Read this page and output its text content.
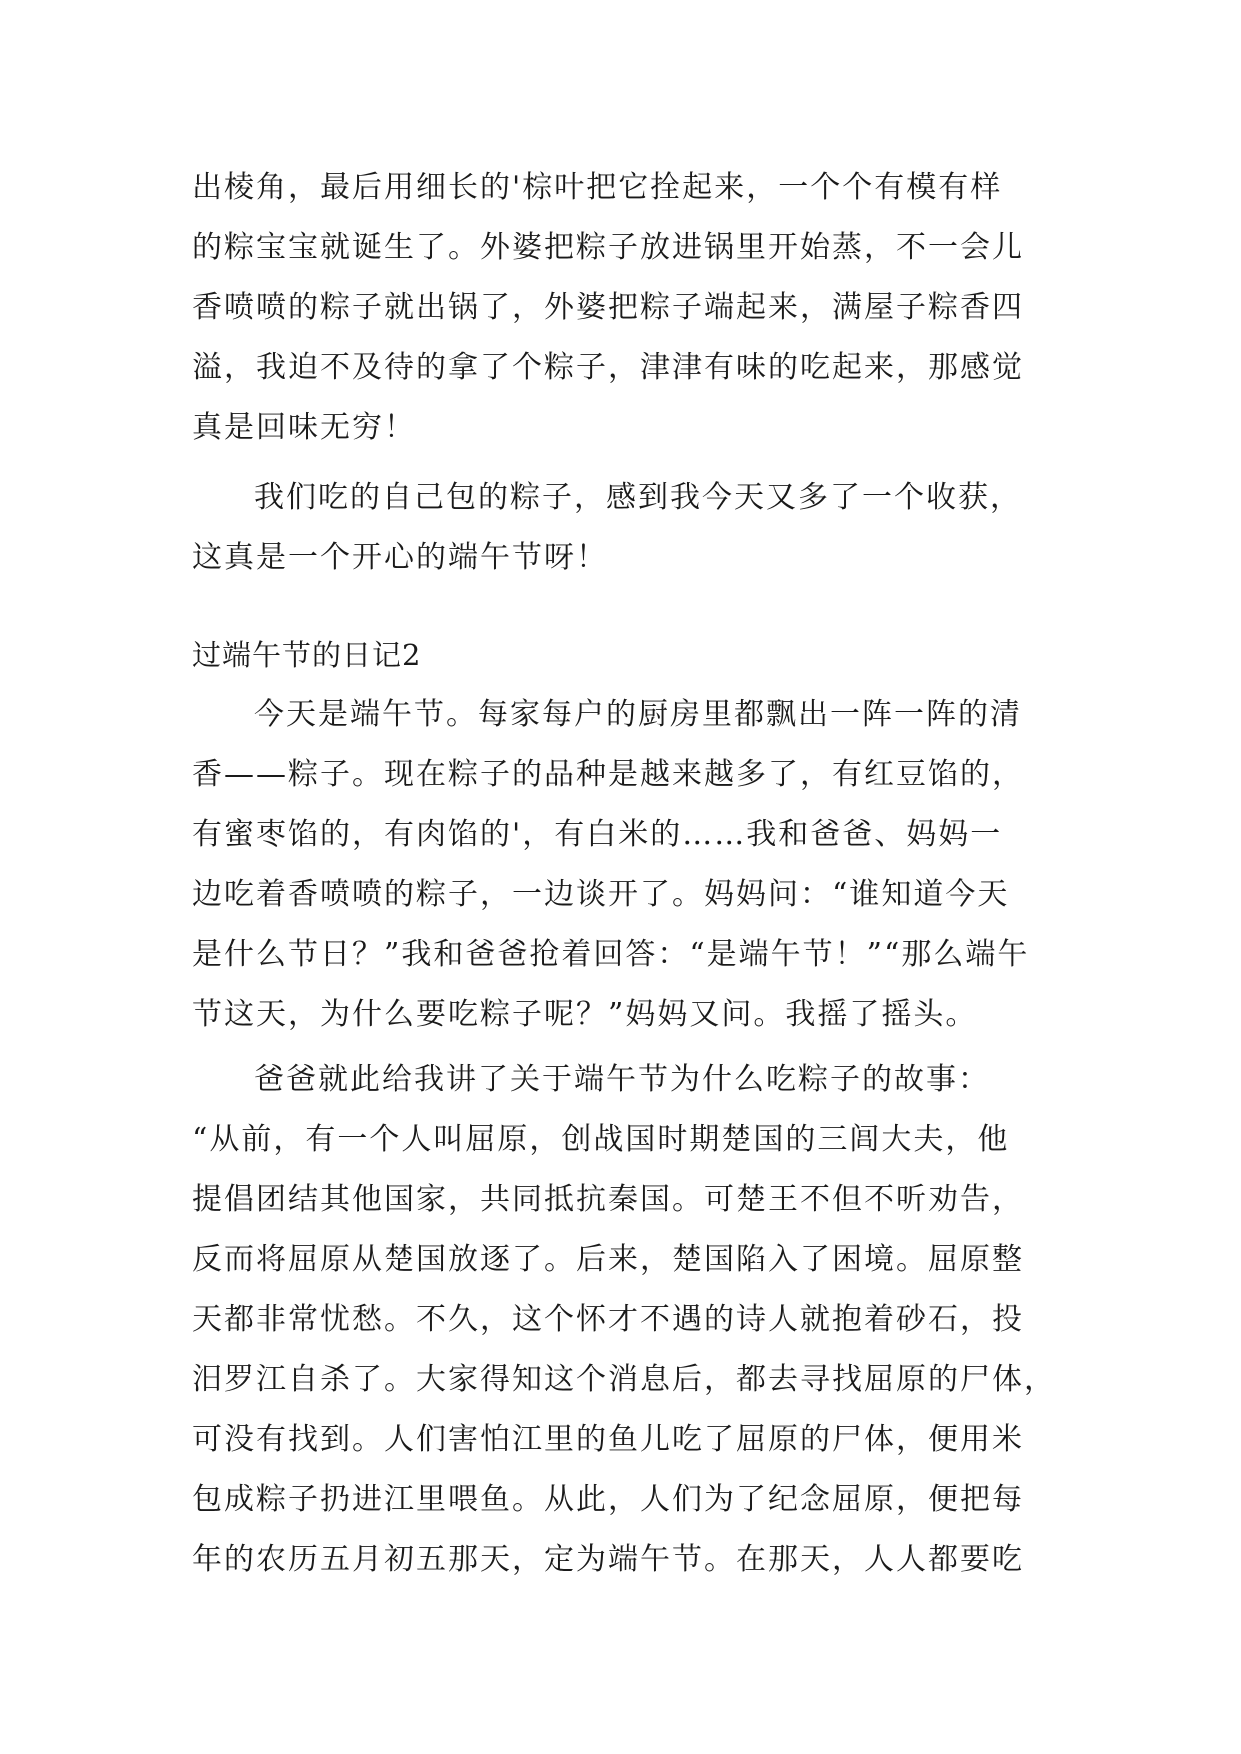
出棱角，最后用细长的'棕叶把它拴起来，一个个有模有样
的粽宝宝就诞生了。外婆把粽子放进锅里开始蒸，不一会儿
香喷喷的粽子就出锅了，外婆把粽子端起来，满屋子粽香四
溢，我迫不及待的拿了个粽子，津津有味的吃起来，那感觉
真是回味无穷！
我们吃的自己包的粽子，感到我今天又多了一个收获，
这真是一个开心的端午节呀！
过端午节的日记2
今天是端午节。每家每户的厨房里都飘出一阵一阵的清
香——粽子。现在粽子的品种是越来越多了，有红豆馅的，
有蜜枣馅的，有肉馅的'，有白米的……我和爸爸、妈妈一
边吃着香喷喷的粽子，一边谈开了。妈妈问：“谁知道今天
是什么节日？”我和爸爸抢着回答：“是端午节！”“那么端午
节这天，为什么要吃粽子呢？”妈妈又问。我摇了摇头。
爸爸就此给我讲了关于端午节为什么吃粽子的故事：
“从前，有一个人叫屈原，创战国时期楚国的三闾大夫，他
提倡团结其他国家，共同抵抗秦国。可楚王不但不听劝告，
反而将屈原从楚国放逐了。后来，楚国陷入了困境。屈原整
天都非常忧愁。不久，这个怀才不遇的诗人就抱着砂石，投
汨罗江自杀了。大家得知这个消息后，都去寻找屈原的尸体，
可没有找到。人们害怕江里的鱼儿吃了屈原的尸体，便用米
包成粽子扔进江里喂鱼。从此，人们为了纪念屈原，便把每
年的农历五月初五那天，定为端午节。在那天，人人都要吃
